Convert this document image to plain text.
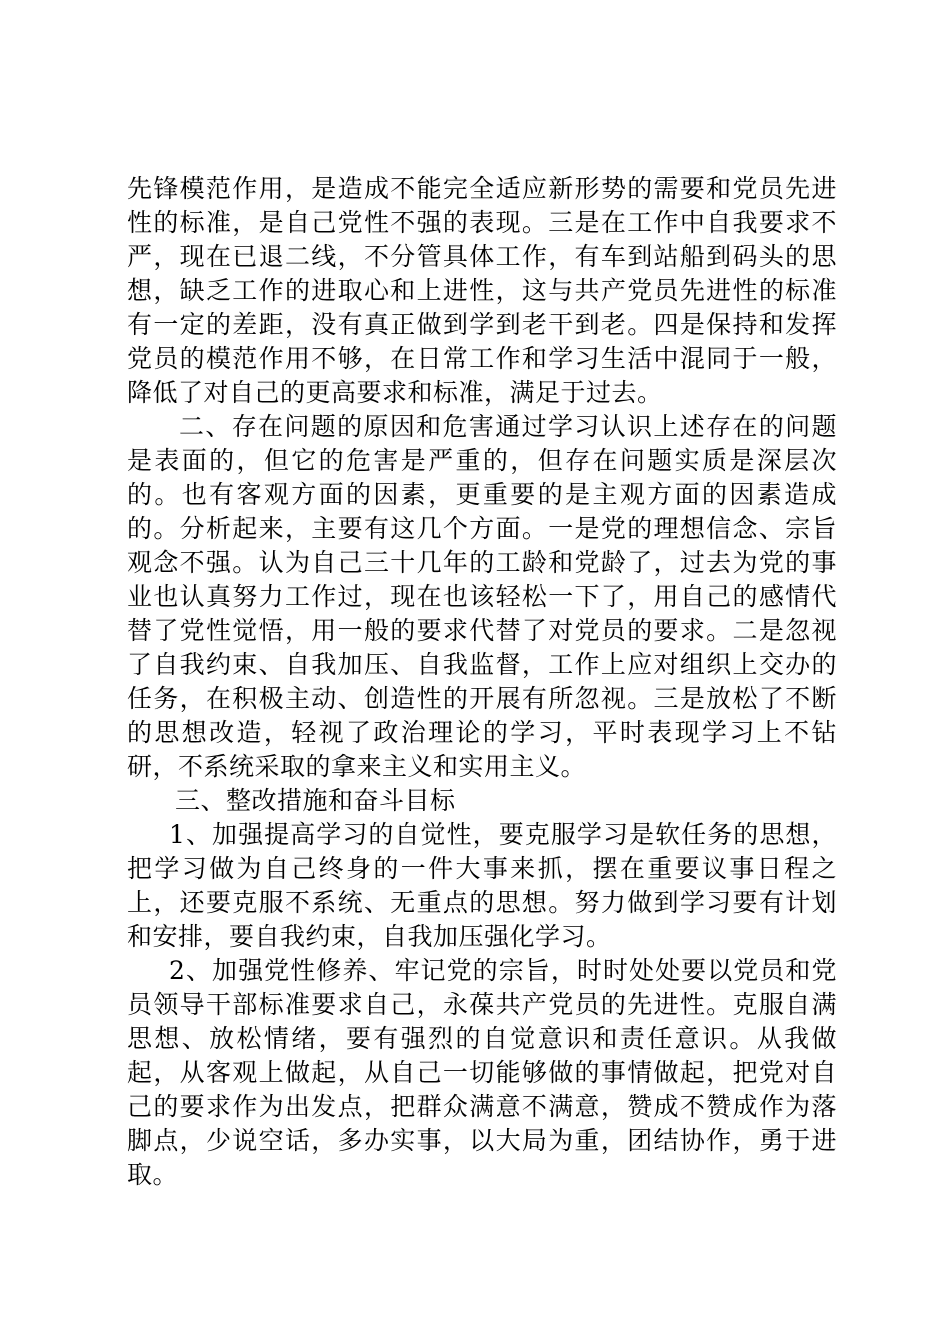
先锋模范作用，是造成不能完全适应新形势的需要和党员先进性的标准，是自己党性不强的表现。三是在工作中自我要求不严，现在已退二线，不分管具体工作，有车到站船到码头的思想，缺乏工作的进取心和上进性，这与共产党员先进性的标准有一定的差距，没有真正做到学到老干到老。四是保持和发挥党员的模范作用不够，在日常工作和学习生活中混同于一般，降低了对自己的更高要求和标准，满足于过去。

二、存在问题的原因和危害通过学习认识上述存在的问题是表面的，但它的危害是严重的，但存在问题实质是深层次的。也有客观方面的因素，更重要的是主观方面的因素造成的。分析起来，主要有这几个方面。一是党的理想信念、宗旨观念不强。认为自己三十几年的工龄和党龄了，过去为党的事业也认真努力工作过，现在也该轻松一下了，用自己的感情代替了党性觉悟，用一般的要求代替了对党员的要求。二是忽视了自我约束、自我加压、自我监督，工作上应对组织上交办的任务，在积极主动、创造性的开展有所忽视。三是放松了不断的思想改造，轻视了政治理论的学习，平时表现学习上不钻研，不系统采取的拿来主义和实用主义。

三、整改措施和奋斗目标

1、加强提高学习的自觉性，要克服学习是软任务的思想，把学习做为自己终身的一件大事来抓，摆在重要议事日程之上，还要克服不系统、无重点的思想。努力做到学习要有计划和安排，要自我约束，自我加压强化学习。

2、加强党性修养、牢记党的宗旨，时时处处要以党员和党员领导干部标准要求自己，永葆共产党员的先进性。克服自满思想、放松情绪，要有强烈的自觉意识和责任意识。从我做起，从客观上做起，从自己一切能够做的事情做起，把党对自己的要求作为出发点，把群众满意不满意，赞成不赞成作为落脚点，少说空话，多办实事，以大局为重，团结协作，勇于进取。
